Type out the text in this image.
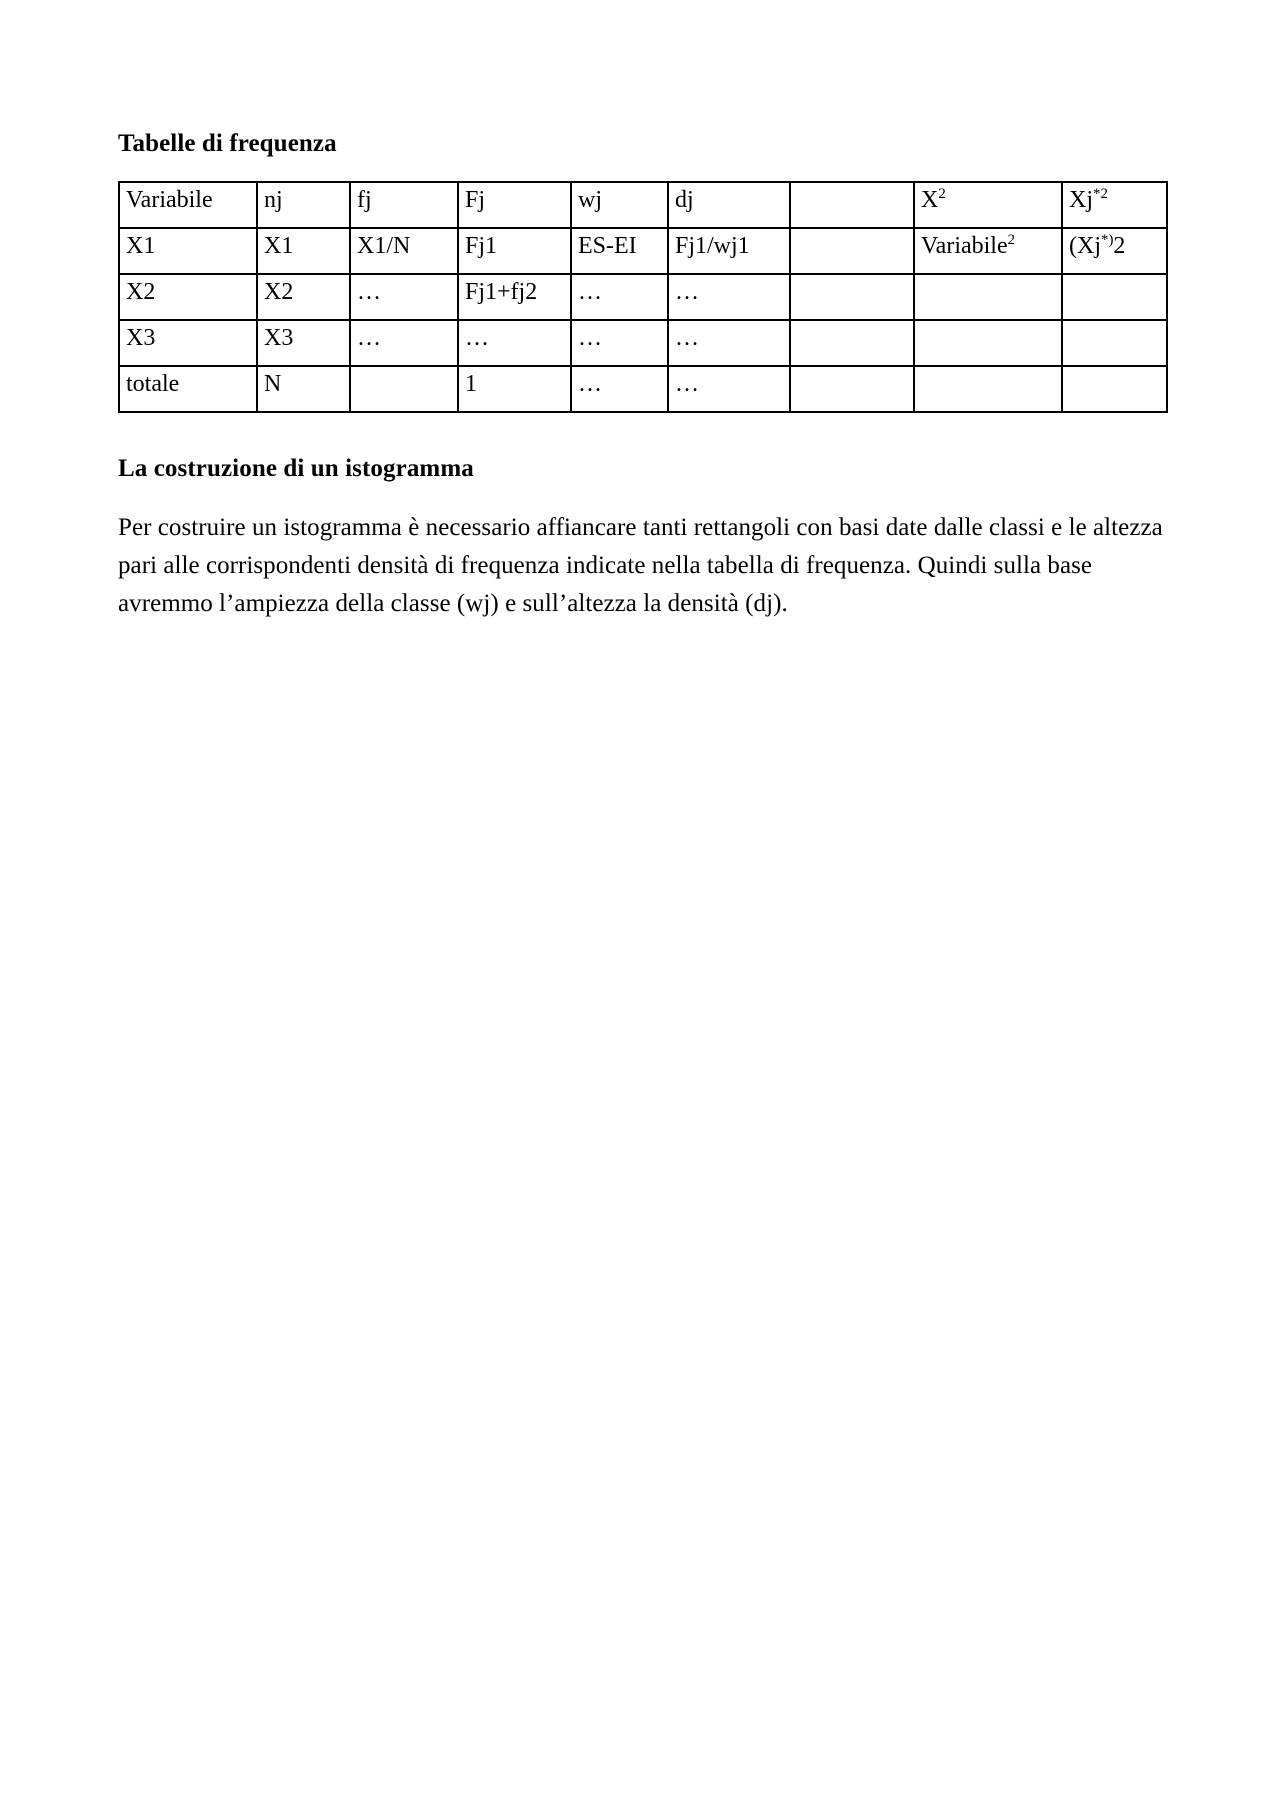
Tabelle di frequenza
Variabile	nj	fj	Fj	wj	dj		$X^2$	Xj$^{*2}$
X1	X1	X1/N	Fj1	ES-EI	Fj1/wj1		Variabile$^2$	(Xj*)2
X2	X2	…	Fj1+fj2	…	…			
X3	X3	…	…	…	…			
totale	N		1	…	…			
La costruzione di un istogramma

Per costruire un istogramma è necessario affiancare tanti rettangoli con basi date dalle classi e le altezza pari alle corrispondenti densità di frequenza indicate nella tabella di frequenza. Quindi sulla base avremmo l’ampiezza della classe (wj) e sull’altezza la densità (dj).
